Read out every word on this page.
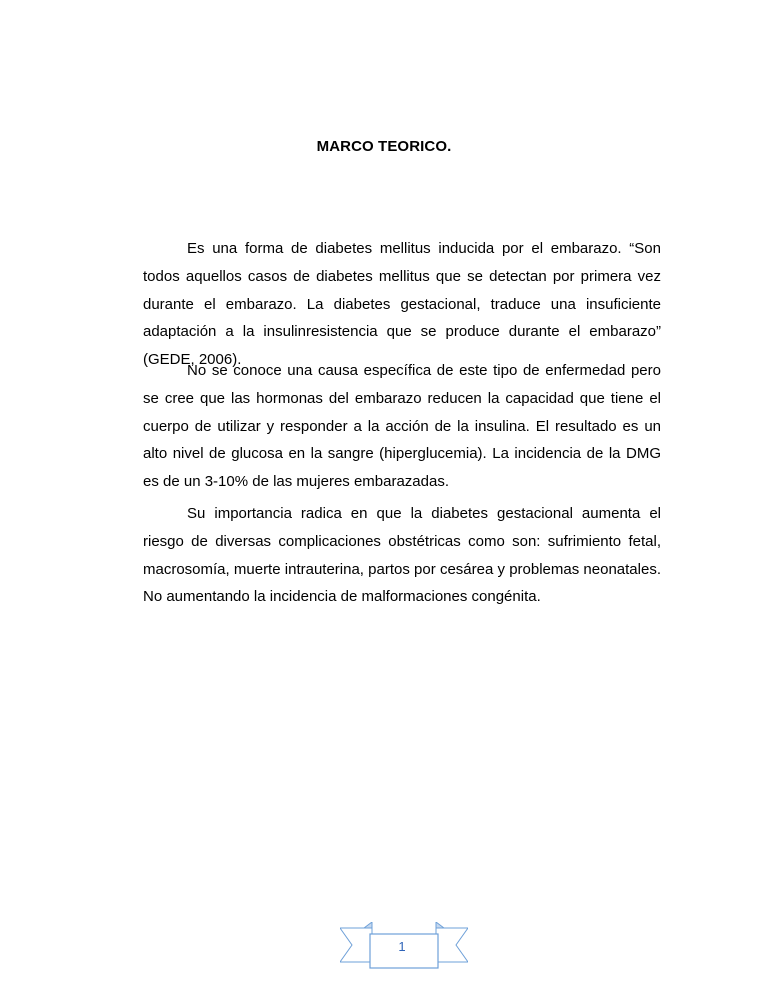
MARCO TEORICO.

Es una forma de diabetes mellitus inducida por el embarazo. “Son todos aquellos casos de diabetes mellitus que se detectan por primera vez durante el embarazo. La diabetes gestacional, traduce una insuficiente adaptación a la insulinresistencia que se produce durante el embarazo” (GEDE, 2006).

No se conoce una causa específica de este tipo de enfermedad pero se cree que las hormonas del embarazo reducen la capacidad que tiene el cuerpo de utilizar y responder a la acción de la insulina. El resultado es un alto nivel de glucosa en la sangre (hiperglucemia). La incidencia de la DMG es de un 3-10% de las mujeres embarazadas.

Su importancia radica en que la diabetes gestacional aumenta el riesgo de diversas complicaciones obstétricas como son: sufrimiento fetal, macrosomía, muerte intrauterina, partos por cesárea y problemas neonatales. No aumentando la incidencia de malformaciones congénita.

1
